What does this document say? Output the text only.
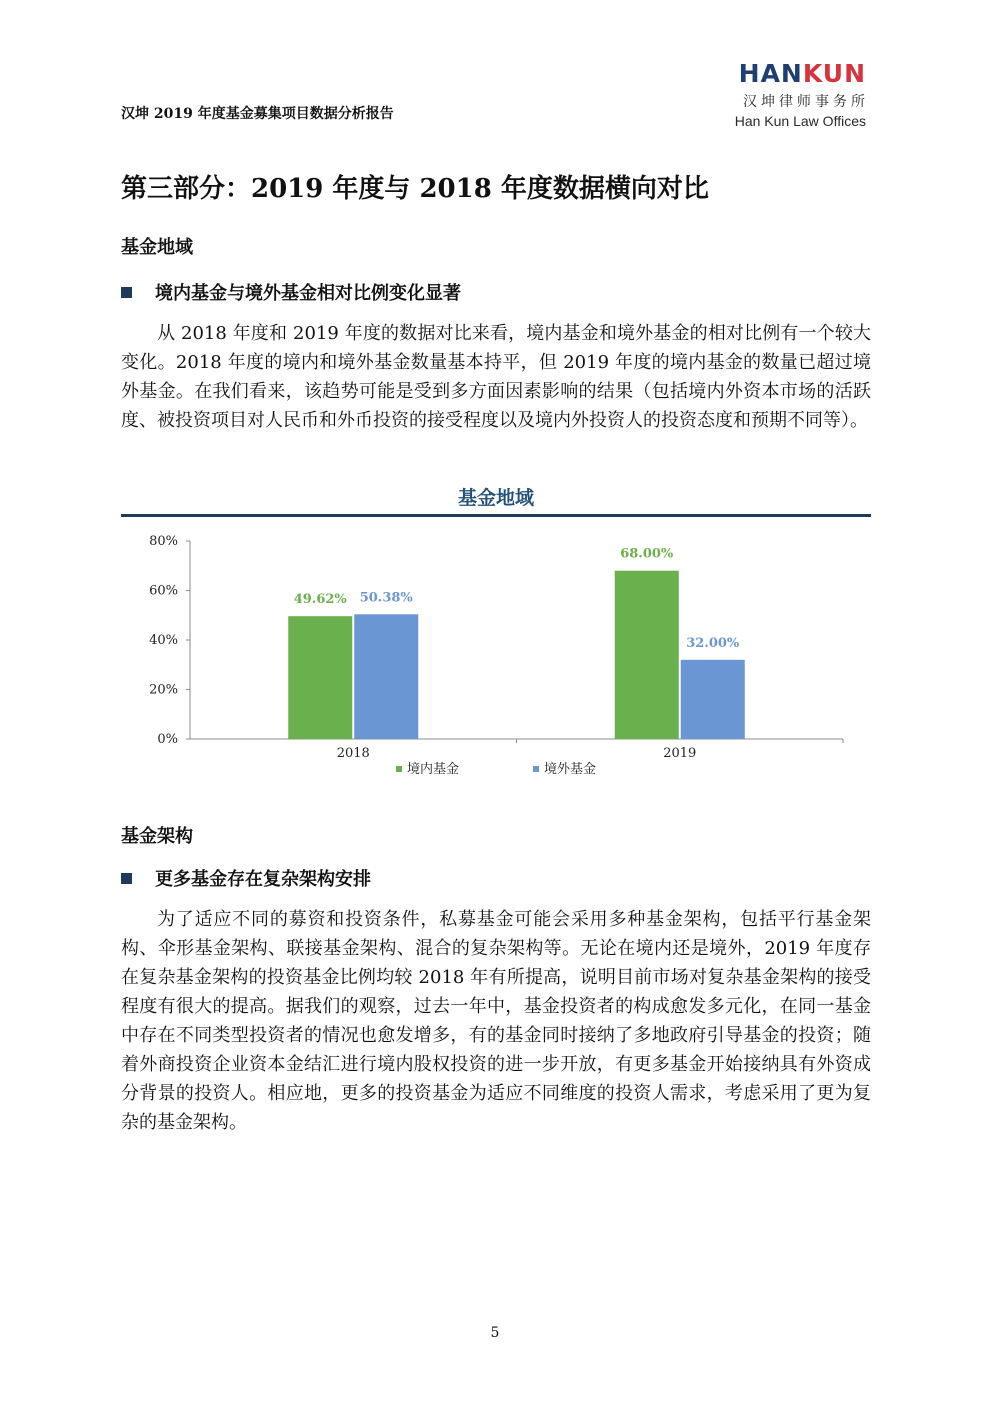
汉坤 2019 年度基金募集项目数据分析报告
HANKUN
汉坤律师事务所
Han Kun Law Offices
第三部分：2019 年度与 2018 年度数据横向对比
基金地域
境内基金与境外基金相对比例变化显著

从 2018 年度和 2019 年度的数据对比来看，境内基金和境外基金的相对比例有一个较大变化。2018 年度的境内和境外基金数量基本持平，但 2019 年度的境内基金的数量已超过境外基金。在我们看来，该趋势可能是受到多方面因素影响的结果（包括境内外资本市场的活跃度、被投资项目对人民币和外币投资的接受程度以及境内外投资人的投资态度和预期不同等）。

基金地域
0%
20%
40%
60%
80%
49.62% 50.38%
2018
68.00%
32.00%
2019
境内基金	境外基金
基金架构
更多基金存在复杂架构安排

为了适应不同的募资和投资条件，私募基金可能会采用多种基金架构，包括平行基金架构、伞形基金架构、联接基金架构、混合的复杂架构等。无论在境内还是境外，2019 年度存在复杂基金架构的投资基金比例均较 2018 年有所提高，说明目前市场对复杂基金架构的接受程度有很大的提高。据我们的观察，过去一年中，基金投资者的构成愈发多元化，在同一基金中存在不同类型投资者的情况也愈发增多，有的基金同时接纳了多地政府引导基金的投资；随着外商投资企业资本金结汇进行境内股权投资的进一步开放，有更多基金开始接纳具有外资成分背景的投资人。相应地，更多的投资基金为适应不同维度的投资人需求，考虑采用了更为复杂的基金架构。

5
